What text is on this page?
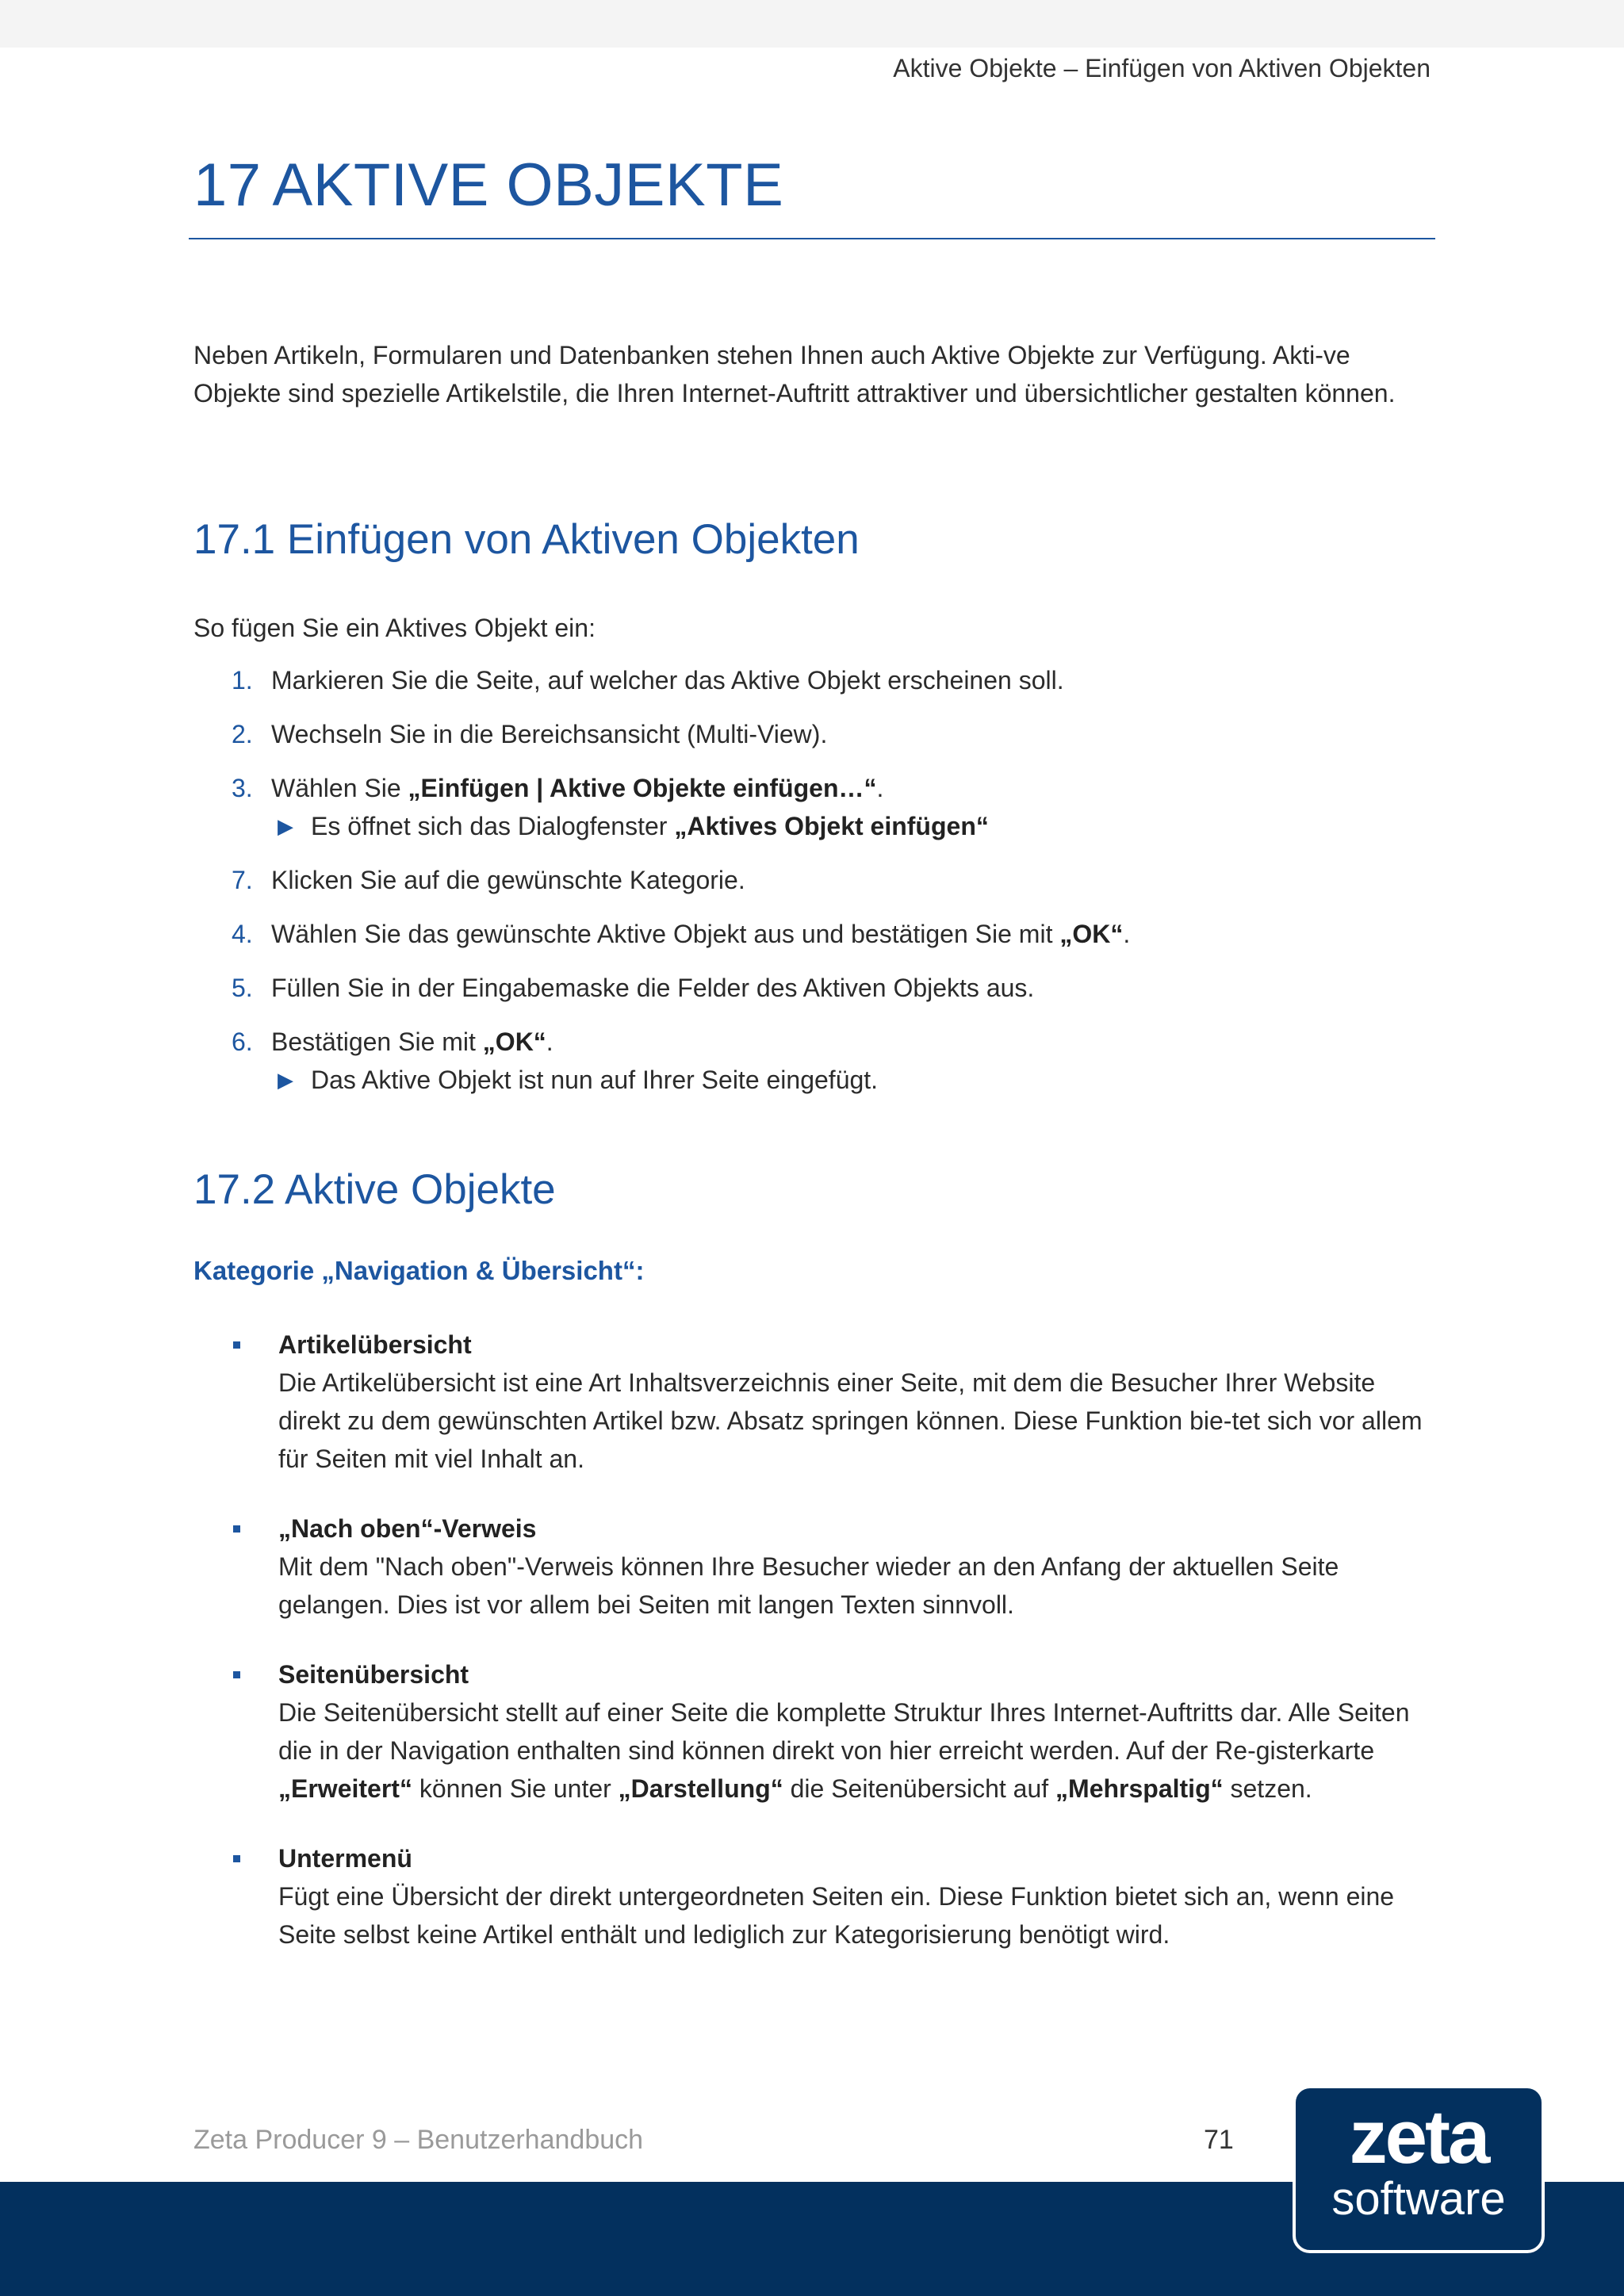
Aktive Objekte – Einfügen von Aktiven Objekten
17 AKTIVE OBJEKTE

Neben Artikeln, Formularen und Datenbanken stehen Ihnen auch Aktive Objekte zur Verfügung. Akti-ve Objekte sind spezielle Artikelstile, die Ihren Internet-Auftritt attraktiver und übersichtlicher gestalten können.

17.1 Einfügen von Aktiven Objekten

So fügen Sie ein Aktives Objekt ein:

1. Markieren Sie die Seite, auf welcher das Aktive Objekt erscheinen soll.
2. Wechseln Sie in die Bereichsansicht (Multi-View).
3. Wählen Sie „Einfügen | Aktive Objekte einfügen…“.
▶ Es öffnet sich das Dialogfenster „Aktives Objekt einfügen“
7. Klicken Sie auf die gewünschte Kategorie.
4. Wählen Sie das gewünschte Aktive Objekt aus und bestätigen Sie mit „OK“.
5. Füllen Sie in der Eingabemaske die Felder des Aktiven Objekts aus.
6. Bestätigen Sie mit „OK“.
▶ Das Aktive Objekt ist nun auf Ihrer Seite eingefügt.
17.2 Aktive Objekte

Kategorie „Navigation & Übersicht“:

Artikelübersicht
Die Artikelübersicht ist eine Art Inhaltsverzeichnis einer Seite, mit dem die Besucher Ihrer Website direkt zu dem gewünschten Artikel bzw. Absatz springen können. Diese Funktion bie-tet sich vor allem für Seiten mit viel Inhalt an.
„Nach oben“-Verweis
Mit dem "Nach oben"-Verweis können Ihre Besucher wieder an den Anfang der aktuellen Seite gelangen. Dies ist vor allem bei Seiten mit langen Texten sinnvoll.
Seitenübersicht
Die Seitenübersicht stellt auf einer Seite die komplette Struktur Ihres Internet-Auftritts dar. Alle Seiten die in der Navigation enthalten sind können direkt von hier erreicht werden. Auf der Re-gisterkarte „Erweitert“ können Sie unter „Darstellung“ die Seitenübersicht auf „Mehrspaltig“ setzen.
Untermenü
Fügt eine Übersicht der direkt untergeordneten Seiten ein. Diese Funktion bietet sich an, wenn eine Seite selbst keine Artikel enthält und lediglich zur Kategorisierung benötigt wird.
Zeta Producer 9 – Benutzerhandbuch	71	zeta
software
